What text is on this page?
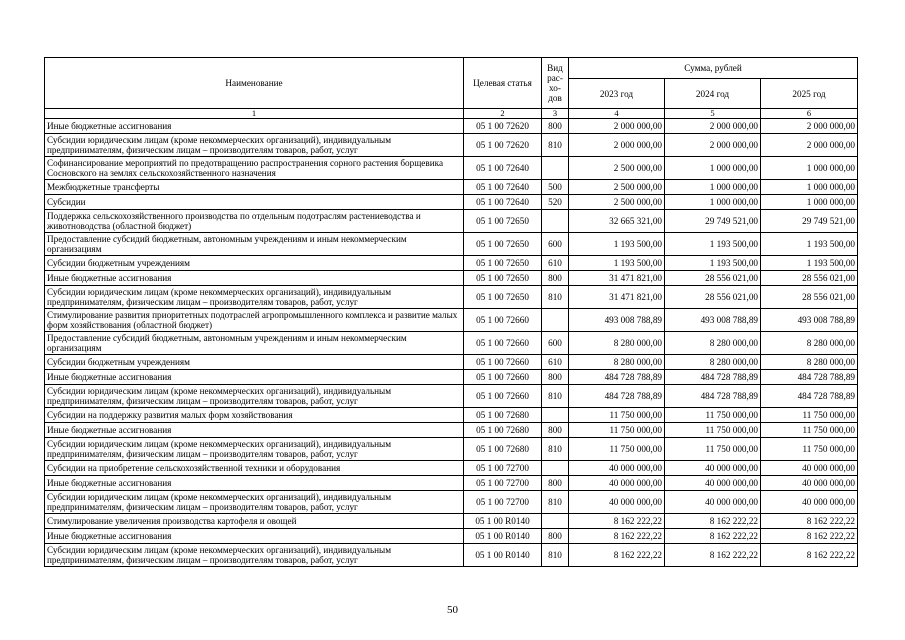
Наименование	Целевая статья	Вид рас-хо-дов	Сумма, рублей		
			2023 год	2024 год	2025 год
1	2	3	4	5	6
Иные бюджетные ассигнования	05 1 00 72620	800	2 000 000,00	2 000 000,00	2 000 000,00
Субсидии юридическим лицам (кроме некоммерческих организаций), индивидуальным предпринимателям, физическим лицам – производителям товаров, работ, услуг	05 1 00 72620	810	2 000 000,00	2 000 000,00	2 000 000,00
Софинансирование мероприятий по предотвращению распространения сорного растения борщевика Сосновского на землях сельскохозяйственного назначения	05 1 00 72640		2 500 000,00	1 000 000,00	1 000 000,00
Межбюджетные трансферты	05 1 00 72640	500	2 500 000,00	1 000 000,00	1 000 000,00
Субсидии	05 1 00 72640	520	2 500 000,00	1 000 000,00	1 000 000,00
Поддержка сельскохозяйственного производства по отдельным подотраслям растениеводства и животноводства (областной бюджет)	05 1 00 72650		32 665 321,00	29 749 521,00	29 749 521,00
Предоставление субсидий бюджетным, автономным учреждениям и иным некоммерческим организациям	05 1 00 72650	600	1 193 500,00	1 193 500,00	1 193 500,00
Субсидии бюджетным учреждениям	05 1 00 72650	610	1 193 500,00	1 193 500,00	1 193 500,00
Иные бюджетные ассигнования	05 1 00 72650	800	31 471 821,00	28 556 021,00	28 556 021,00
Субсидии юридическим лицам (кроме некоммерческих организаций), индивидуальным предпринимателям, физическим лицам – производителям товаров, работ, услуг	05 1 00 72650	810	31 471 821,00	28 556 021,00	28 556 021,00
Стимулирование развития приоритетных подотраслей агропромышленного комплекса и развитие малых форм хозяйствования (областной бюджет)	05 1 00 72660		493 008 788,89	493 008 788,89	493 008 788,89
Предоставление субсидий бюджетным, автономным учреждениям и иным некоммерческим организациям	05 1 00 72660	600	8 280 000,00	8 280 000,00	8 280 000,00
Субсидии бюджетным учреждениям	05 1 00 72660	610	8 280 000,00	8 280 000,00	8 280 000,00
Иные бюджетные ассигнования	05 1 00 72660	800	484 728 788,89	484 728 788,89	484 728 788,89
Субсидии юридическим лицам (кроме некоммерческих организаций), индивидуальным предпринимателям, физическим лицам – производителям товаров, работ, услуг	05 1 00 72660	810	484 728 788,89	484 728 788,89	484 728 788,89
Субсидии на поддержку развития малых форм хозяйствования	05 1 00 72680		11 750 000,00	11 750 000,00	11 750 000,00
Иные бюджетные ассигнования	05 1 00 72680	800	11 750 000,00	11 750 000,00	11 750 000,00
Субсидии юридическим лицам (кроме некоммерческих организаций), индивидуальным предпринимателям, физическим лицам – производителям товаров, работ, услуг	05 1 00 72680	810	11 750 000,00	11 750 000,00	11 750 000,00
Субсидии на приобретение сельскохозяйственной техники и оборудования	05 1 00 72700		40 000 000,00	40 000 000,00	40 000 000,00
Иные бюджетные ассигнования	05 1 00 72700	800	40 000 000,00	40 000 000,00	40 000 000,00
Субсидии юридическим лицам (кроме некоммерческих организаций), индивидуальным предпринимателям, физическим лицам – производителям товаров, работ, услуг	05 1 00 72700	810	40 000 000,00	40 000 000,00	40 000 000,00
Стимулирование увеличения производства картофеля и овощей	05 1 00 R0140		8 162 222,22	8 162 222,22	8 162 222,22
Иные бюджетные ассигнования	05 1 00 R0140	800	8 162 222,22	8 162 222,22	8 162 222,22
Субсидии юридическим лицам (кроме некоммерческих организаций), индивидуальным предпринимателям, физическим лицам – производителям товаров, работ, услуг	05 1 00 R0140	810	8 162 222,22	8 162 222,22	8 162 222,22
50
